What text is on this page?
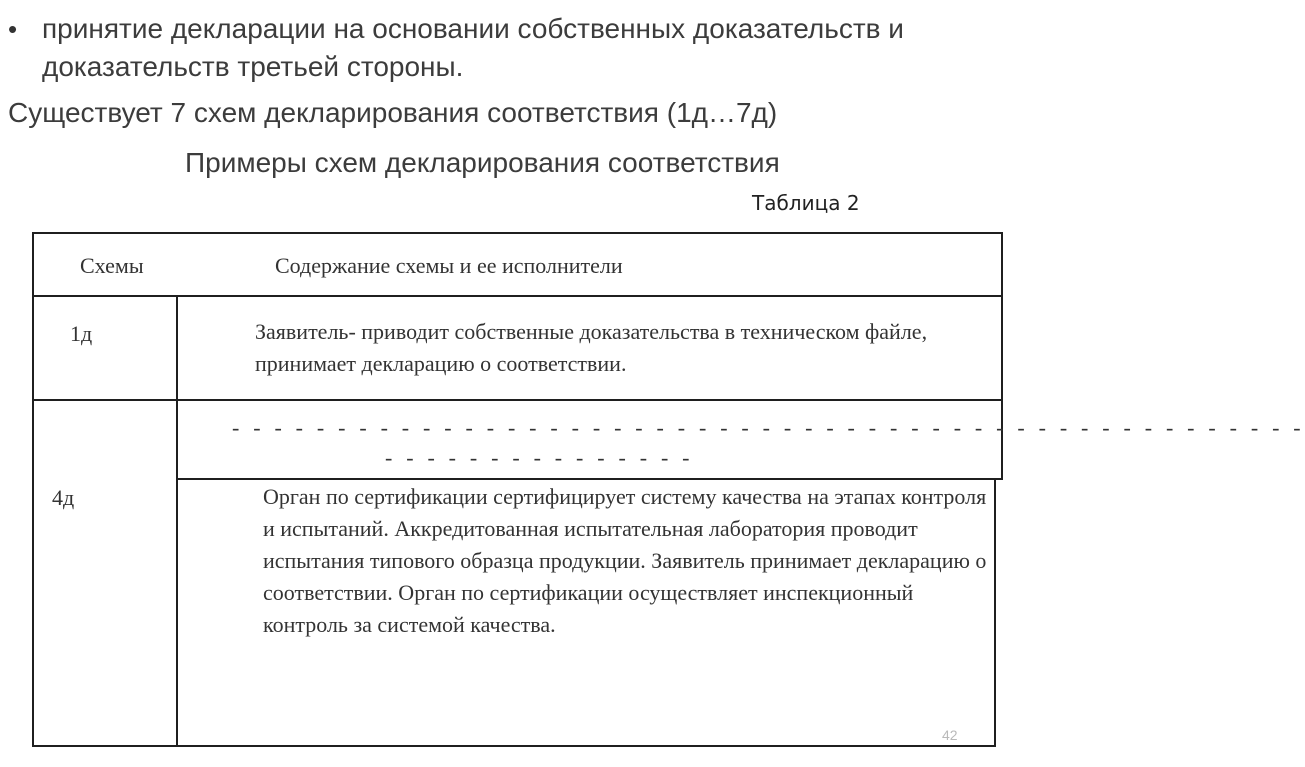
• принятие декларации на основании собственных доказательств и доказательств третьей стороны.
Существует 7 схем декларирования соответствия (1д…7д)
Примеры схем декларирования соответствия
Таблица 2
Схемы	Содержание схемы и ее исполнители
1д	Заявитель- приводит собственные доказательства в техническом файле, принимает декларацию о соответствии.
- - - - - - - - - - - - - - - - - - - - - - - - - - - - - - - - - - - - - - - - - - - - - - - - - - -
- - - - - - - - - - - - - - -
4д	Орган по сертификации сертифицирует систему качества на этапах контроля и испытаний. Аккредитованная испытательная лаборатория проводит испытания типового образца продукции. Заявитель принимает декларацию о соответствии. Орган по сертификации осуществляет инспекционный контроль за системой качества.
42
